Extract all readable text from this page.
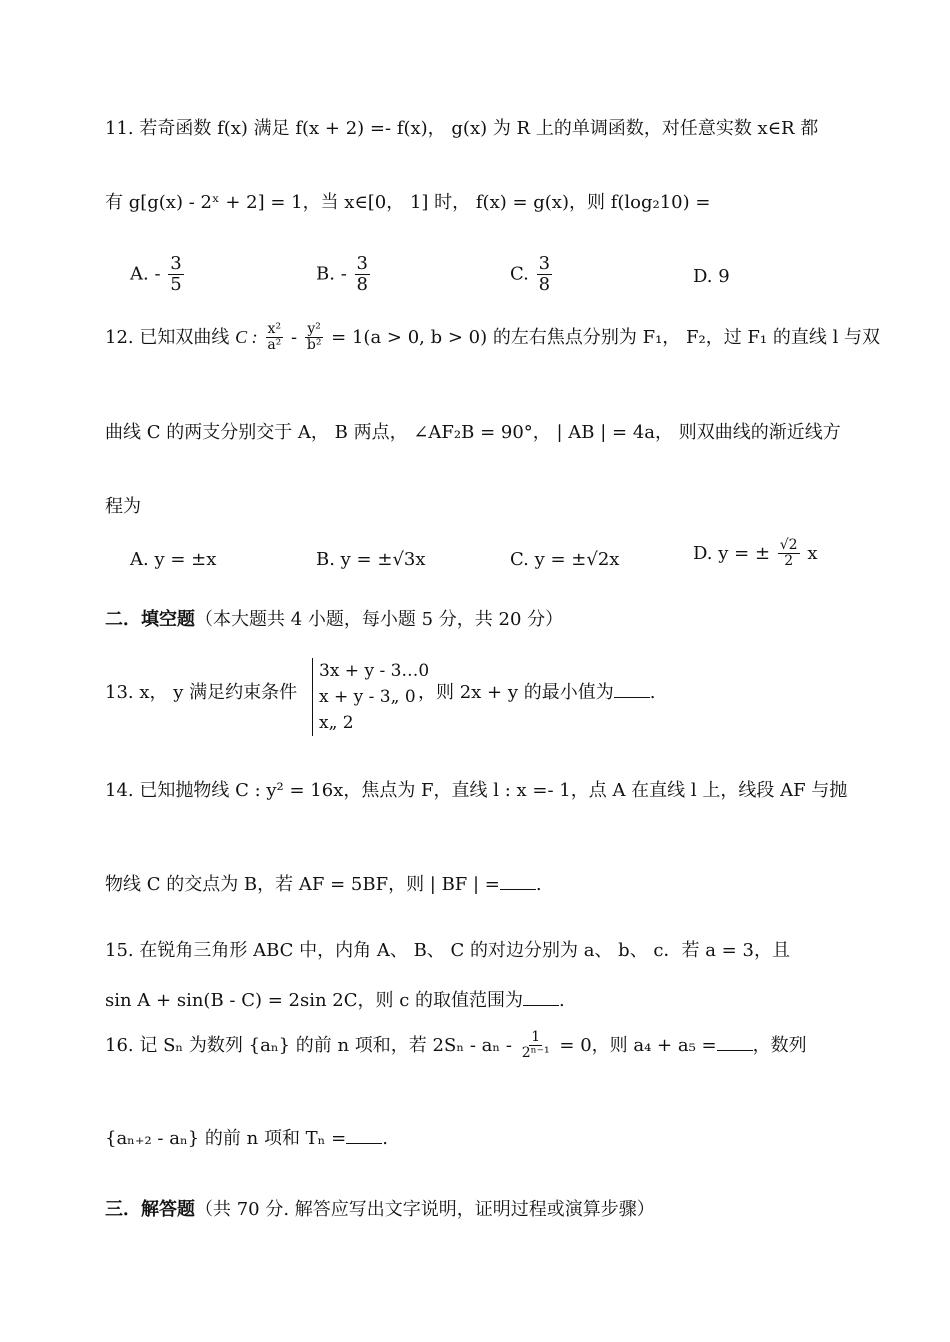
11. 若奇函数 f(x) 满足 f(x + 2) =- f(x)， g(x) 为 R 上的单调函数，对任意实数 x∈R 都
有 g[g(x) - 2ˣ + 2] = 1，当 x∈[0， 1] 时， f(x) = g(x)，则 f(log₂10) =
A. - $\frac{3}{5}$	B. - $\frac{3}{8}$	C. $\frac{3}{8}$	D. 9
12. 已知双曲线 C : $\frac{\text{x²}}{\text{a²}} - \frac{\text{y²}}{\text{b²}} = 1(a > 0$, b > 0) 的左右焦点分别为 F₁， F₂，过 F₁ 的直线 l 与双
曲线 C 的两支分别交于 A， B 两点， ∠AF₂B = 90°， | AB | = 4a， 则双曲线的渐近线方
程为
A. y = ±x	B. y = ±√3x	C. y = ±√2x	D. y = ± $\frac{√2}{2}$ x
二．填空题（本大题共 4 小题，每小题 5 分，共 20 分）
13. x， y 满足约束条件
3x + y - 3…0
x + y - 3„ 0
x„ 2
，则 2x + y 的最小值为 .
14. 已知抛物线 C : y² = 16x，焦点为 F，直线 l : x =- 1，点 A 在直线 l 上，线段 AF 与抛
物线 C 的交点为 B，若 AF = 5BF，则 | BF | = .
15. 在锐角三角形 ABC 中，内角 A、 B、 C 的对边分别为 a、 b、 c．若 a = 3，且
sin A + sin(B - C) = 2sin 2C，则 c 的取值范围为 .
16. 记 Sₙ 为数列 {aₙ} 的前 n 项和，若 $2S_n - a_n - \frac{1}{\text{2ⁿ⁻¹}} = 0$，则 a₄ + a₅ = ，数列
{aₙ₊₂ - aₙ} 的前 n 项和 Tₙ = .
三．解答题（共 70 分. 解答应写出文字说明，证明过程或演算步骤）
